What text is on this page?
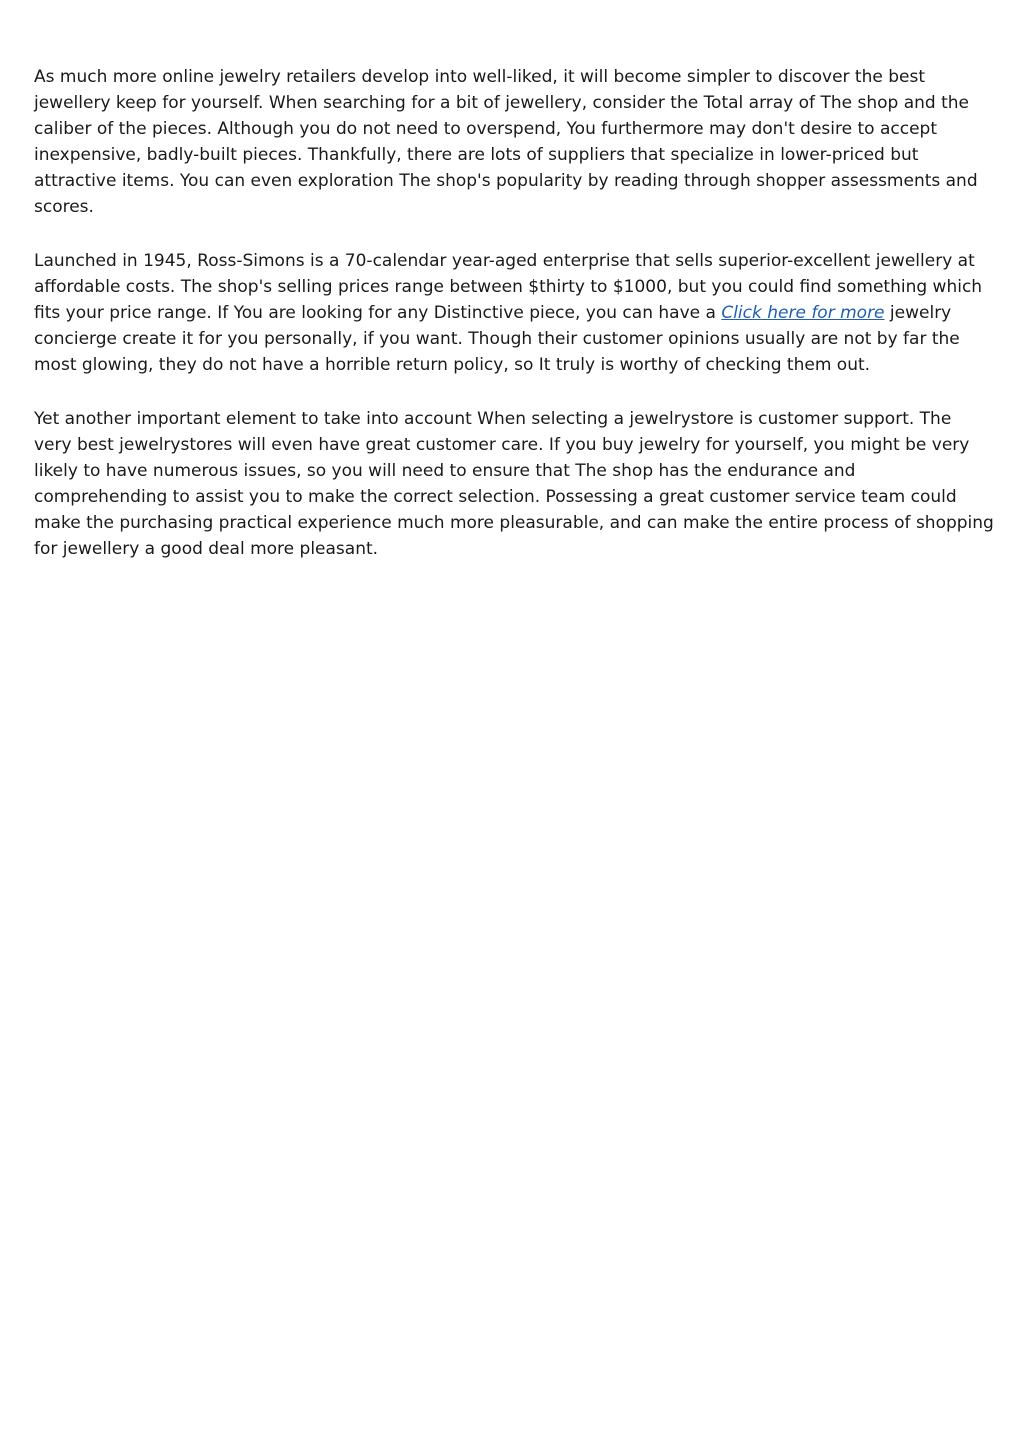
As much more online jewelry retailers develop into well-liked, it will become simpler to discover the best jewellery keep for yourself. When searching for a bit of jewellery, consider the Total array of The shop and the caliber of the pieces. Although you do not need to overspend, You furthermore may don't desire to accept inexpensive, badly-built pieces. Thankfully, there are lots of suppliers that specialize in lower-priced but attractive items. You can even exploration The shop's popularity by reading through shopper assessments and scores.

Launched in 1945, Ross-Simons is a 70-calendar year-aged enterprise that sells superior-excellent jewellery at affordable costs. The shop's selling prices range between $thirty to $1000, but you could find something which fits your price range. If You are looking for any Distinctive piece, you can have a Click here for more jewelry concierge create it for you personally, if you want. Though their customer opinions usually are not by far the most glowing, they do not have a horrible return policy, so It truly is worthy of checking them out.

Yet another important element to take into account When selecting a jewelrystore is customer support. The very best jewelrystores will even have great customer care. If you buy jewelry for yourself, you might be very likely to have numerous issues, so you will need to ensure that The shop has the endurance and comprehending to assist you to make the correct selection. Possessing a great customer service team could make the purchasing practical experience much more pleasurable, and can make the entire process of shopping for jewellery a good deal more pleasant.
